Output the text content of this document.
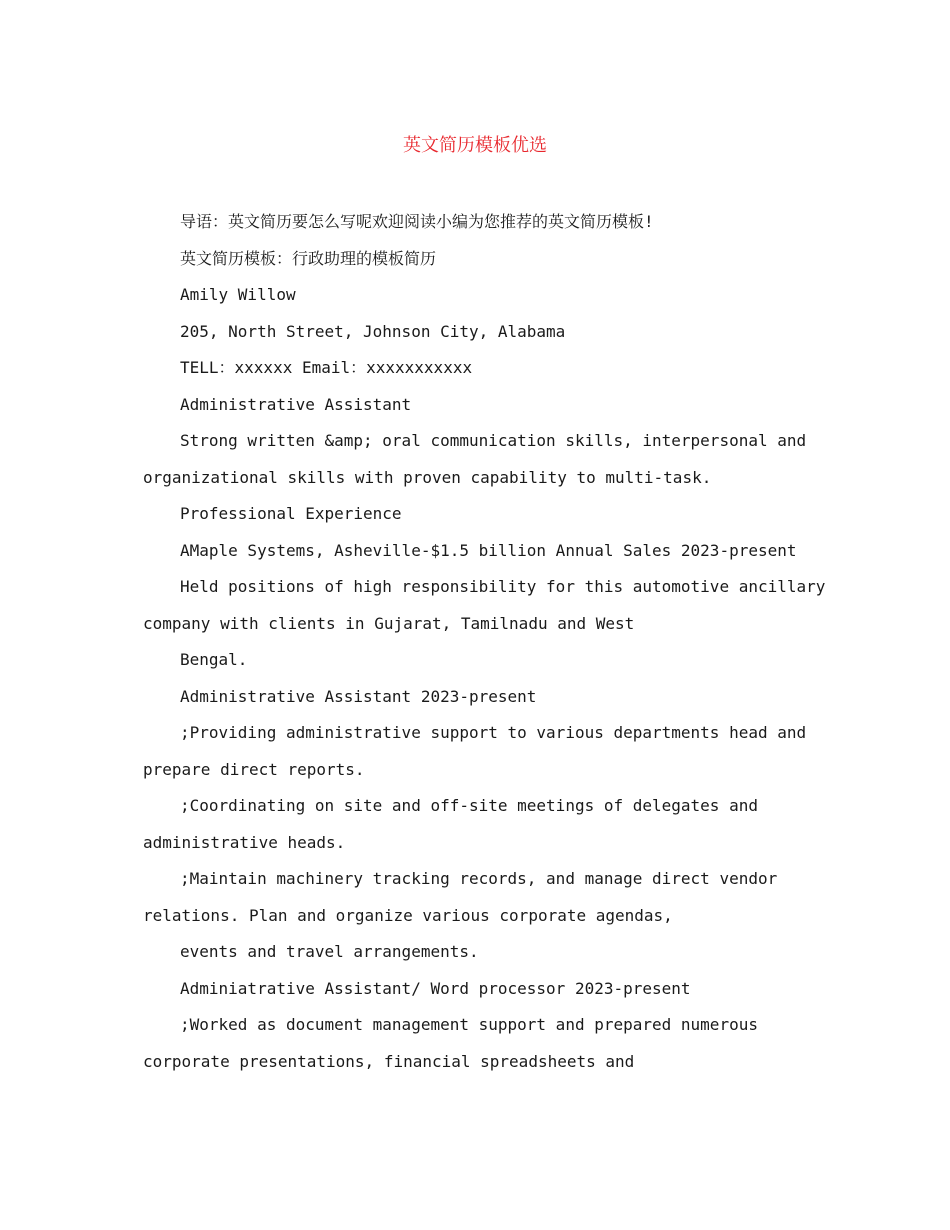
英文简历模板优选
导语：英文简历要怎么写呢欢迎阅读小编为您推荐的英文简历模板!
英文简历模板：行政助理的模板简历
Amily Willow
205, North Street, Johnson City, Alabama
TELL：xxxxxx Email：xxxxxxxxxxx
Administrative Assistant
Strong written &amp; oral communication skills, interpersonal and
organizational skills with proven capability to multi-task.
Professional Experience
AMaple Systems, Asheville-$1.5 billion Annual Sales 2023-present
Held positions of high responsibility for this automotive ancillary
company with clients in Gujarat, Tamilnadu and West
Bengal.
Administrative Assistant 2023-present
;Providing administrative support to various departments head and
prepare direct reports.
;Coordinating on site and off-site meetings of delegates and
administrative heads.
;Maintain machinery tracking records, and manage direct vendor
relations. Plan and organize various corporate agendas,
events and travel arrangements.
Adminiatrative Assistant/ Word processor 2023-present
;Worked as document management support and prepared numerous
corporate presentations, financial spreadsheets and
